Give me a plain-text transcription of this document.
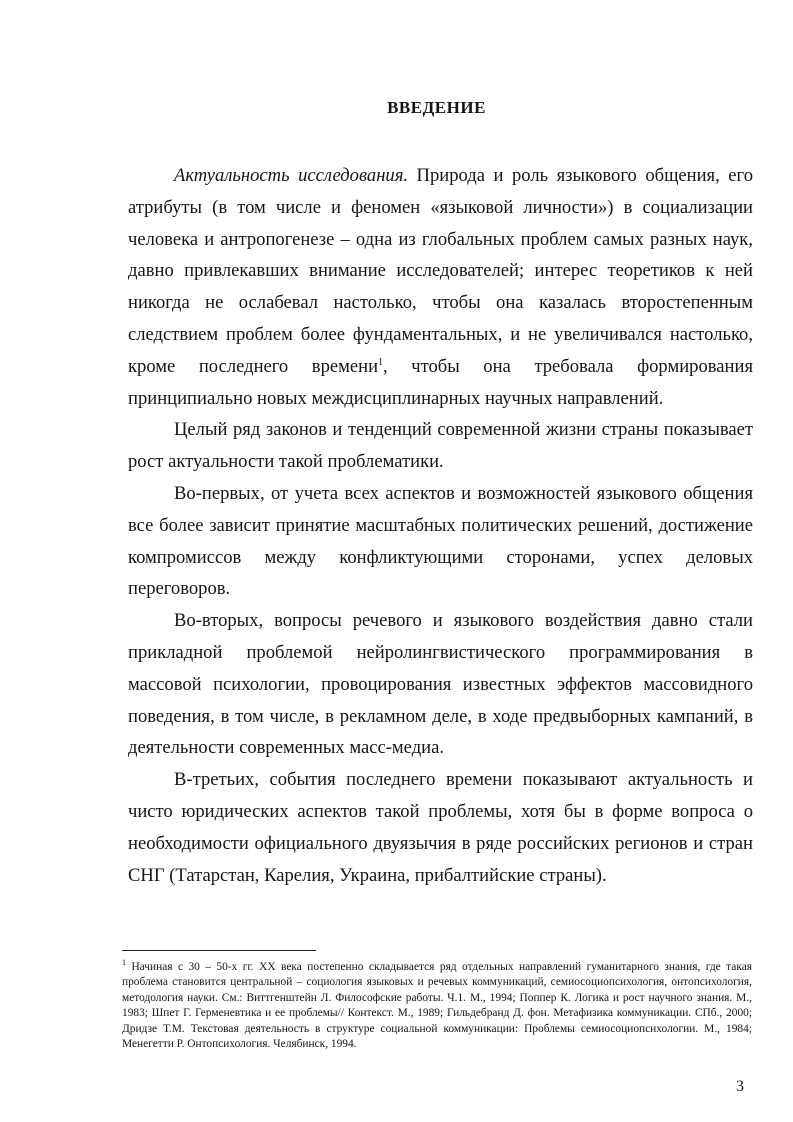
ВВЕДЕНИЕ

Актуальность исследования. Природа и роль языкового общения, его атрибуты (в том числе и феномен «языковой личности») в социализации человека и антропогенезе – одна из глобальных проблем самых разных наук, давно привлекавших внимание исследователей; интерес теоретиков к ней никогда не ослабевал настолько, чтобы она казалась второстепенным следствием проблем более фундаментальных, и не увеличивался настолько, кроме последнего времени$^1$, чтобы она требовала формирования принципиально новых междисциплинарных научных направлений.

Целый ряд законов и тенденций современной жизни страны показывает рост актуальности такой проблематики.

Во-первых, от учета всех аспектов и возможностей языкового общения все более зависит принятие масштабных политических решений, достижение компромиссов между конфликтующими сторонами, успех деловых переговоров.

Во-вторых, вопросы речевого и языкового воздействия давно стали прикладной проблемой нейролингвистического программирования в массовой психологии, провоцирования известных эффектов массовидного поведения, в том числе, в рекламном деле, в ходе предвыборных кампаний, в деятельности современных масс-медиа.

В-третьих, события последнего времени показывают актуальность и чисто юридических аспектов такой проблемы, хотя бы в форме вопроса о необходимости официального двуязычия в ряде российских регионов и стран СНГ (Татарстан, Карелия, Украина, прибалтийские страны).

$^1$ Начиная с 30 – 50-х гг. XX века постепенно складывается ряд отдельных направлений гуманитарного знания, где такая проблема становится центральной – социология языковых и речевых коммуникаций, семиосоциопсихология, онтопсихология, методология науки. См.: Виттгенштейн Л. Философские работы. Ч.1. М., 1994; Поппер К. Логика и рост научного знания. М., 1983; Шпет Г. Герменевтика и ее проблемы// Контекст. М., 1989; Гильдебранд Д. фон. Метафизика коммуникации. СПб., 2000; Дридзе Т.М. Текстовая деятельность в структуре социальной коммуникации: Проблемы семиосоциопсихологии. М., 1984; Менегетти Р. Онтопсихология. Челябинск, 1994.
3
